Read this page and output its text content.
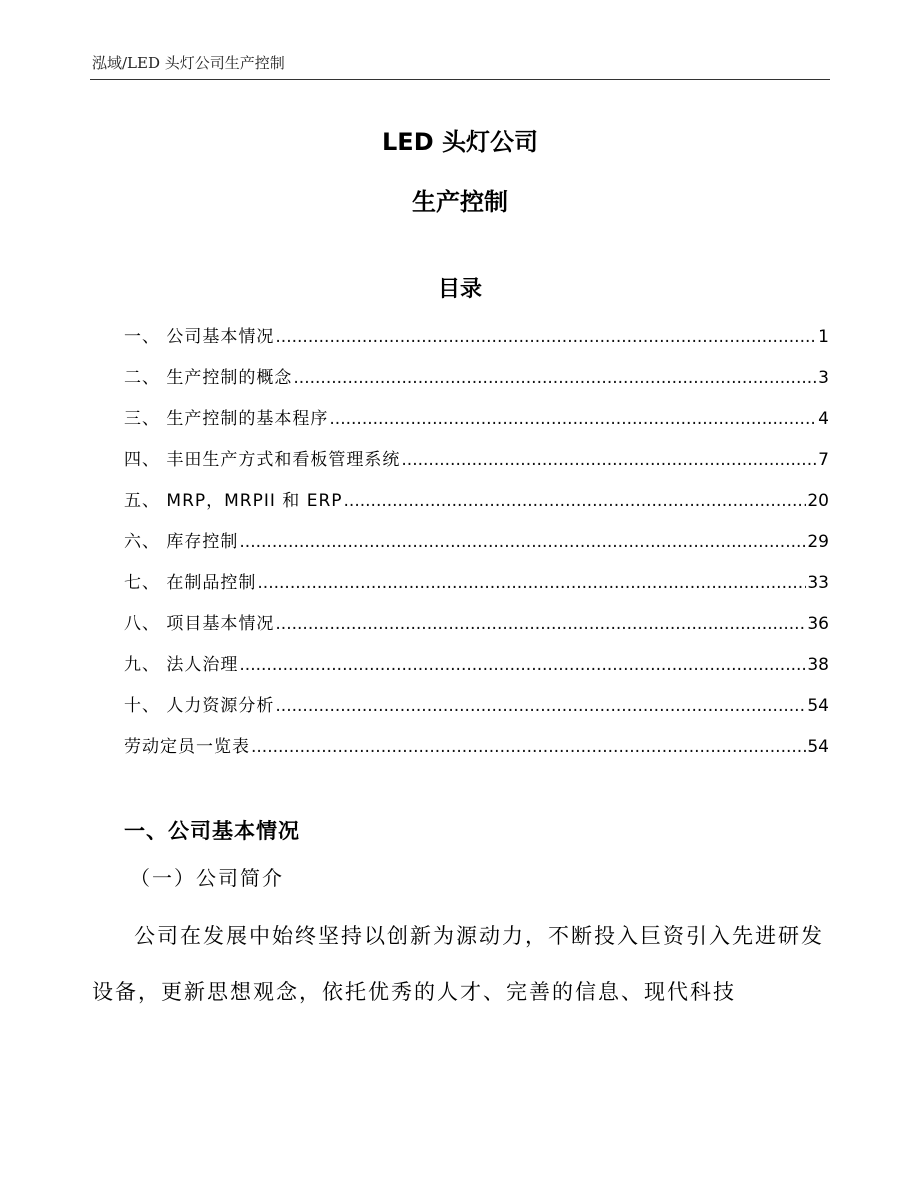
泓域/LED 头灯公司生产控制
LED 头灯公司
生产控制
目录
一、 公司基本情况 .....	1
二、 生产控制的概念 .....	3
三、 生产控制的基本程序 .....	4
四、 丰田生产方式和看板管理系统 .....	7
五、 MRP，MRPII 和 ERP .....	20
六、 库存控制 .....	29
七、 在制品控制 .....	33
八、 项目基本情况 .....	36
九、 法人治理 .....	38
十、 人力资源分析 .....	54
劳动定员一览表 .....	54
一、公司基本情况
（一）公司简介

公司在发展中始终坚持以创新为源动力，不断投入巨资引入先进研发设备，更新思想观念，依托优秀的人才、完善的信息、现代科技
